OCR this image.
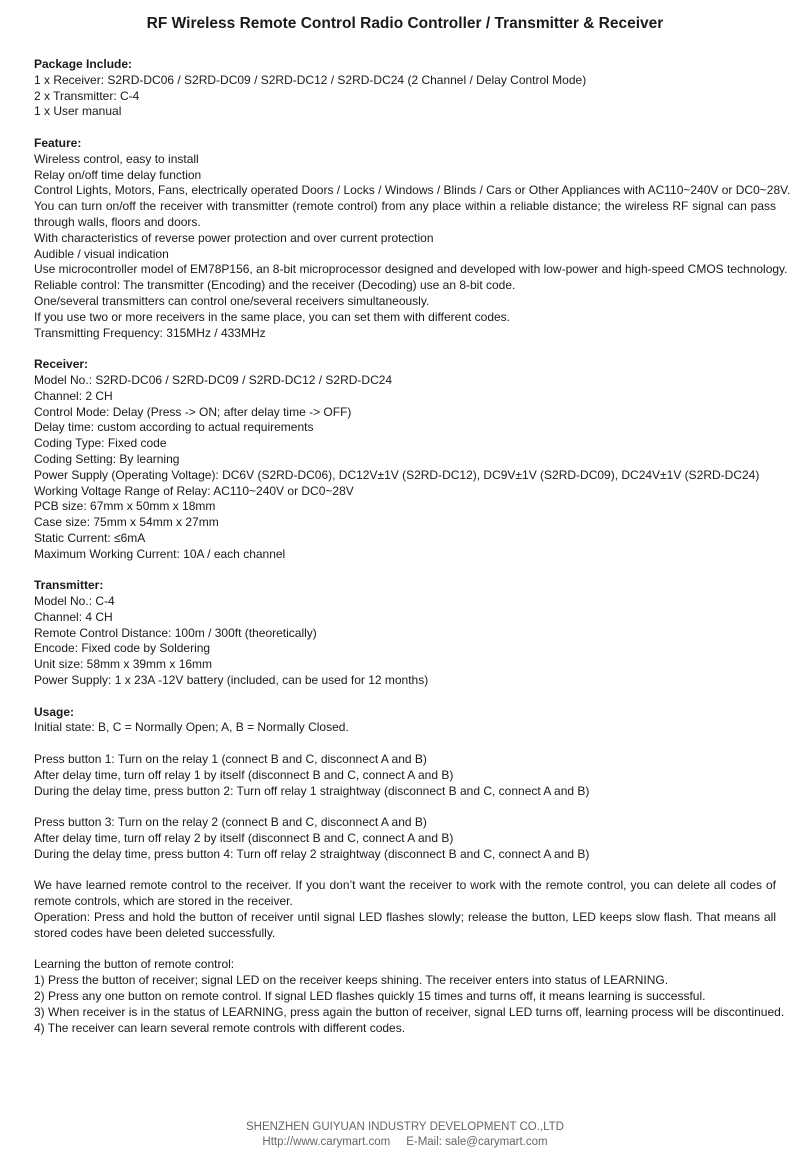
RF Wireless Remote Control Radio Controller / Transmitter & Receiver
Package Include:
1 x Receiver: S2RD-DC06 / S2RD-DC09 / S2RD-DC12 / S2RD-DC24 (2 Channel / Delay Control Mode)
2 x Transmitter: C-4
1 x User manual
Feature:
Wireless control, easy to install
Relay on/off time delay function
Control Lights, Motors, Fans, electrically operated Doors / Locks / Windows / Blinds / Cars or Other Appliances with AC110~240V or DC0~28V.
You can turn on/off the receiver with transmitter (remote control) from any place within a reliable distance; the wireless RF signal can pass through walls, floors and doors.
With characteristics of reverse power protection and over current protection
Audible / visual indication
Use microcontroller model of EM78P156, an 8-bit microprocessor designed and developed with low-power and high-speed CMOS technology.
Reliable control: The transmitter (Encoding) and the receiver (Decoding) use an 8-bit code.
One/several transmitters can control one/several receivers simultaneously.
If you use two or more receivers in the same place, you can set them with different codes.
Transmitting Frequency: 315MHz / 433MHz
Receiver:
Model No.: S2RD-DC06 / S2RD-DC09 / S2RD-DC12 / S2RD-DC24
Channel: 2 CH
Control Mode: Delay (Press -> ON; after delay time -> OFF)
Delay time: custom according to actual requirements
Coding Type: Fixed code
Coding Setting: By learning
Power Supply (Operating Voltage): DC6V (S2RD-DC06), DC12V±1V (S2RD-DC12), DC9V±1V (S2RD-DC09), DC24V±1V (S2RD-DC24)
Working Voltage Range of Relay: AC110~240V or DC0~28V
PCB size: 67mm x 50mm x 18mm
Case size: 75mm x 54mm x 27mm
Static Current: ≤6mA
Maximum Working Current: 10A / each channel
Transmitter:
Model No.: C-4
Channel: 4 CH
Remote Control Distance: 100m / 300ft (theoretically)
Encode: Fixed code by Soldering
Unit size: 58mm x 39mm x 16mm
Power Supply: 1 x 23A -12V battery (included, can be used for 12 months)
Usage:
Initial state: B, C = Normally Open; A, B = Normally Closed.
Press button 1: Turn on the relay 1 (connect B and C, disconnect A and B)
After delay time, turn off relay 1 by itself (disconnect B and C, connect A and B)
During the delay time, press button 2: Turn off relay 1 straightway (disconnect B and C, connect A and B)
Press button 3: Turn on the relay 2 (connect B and C, disconnect A and B)
After delay time, turn off relay 2 by itself (disconnect B and C, connect A and B)
During the delay time, press button 4: Turn off relay 2 straightway (disconnect B and C, connect A and B)
We have learned remote control to the receiver. If you don’t want the receiver to work with the remote control, you can delete all codes of remote controls, which are stored in the receiver.
Operation: Press and hold the button of receiver until signal LED flashes slowly; release the button, LED keeps slow flash. That means all stored codes have been deleted successfully.
Learning the button of remote control:
1) Press the button of receiver; signal LED on the receiver keeps shining. The receiver enters into status of LEARNING.
2) Press any one button on remote control. If signal LED flashes quickly 15 times and turns off, it means learning is successful.
3) When receiver is in the status of LEARNING, press again the button of receiver, signal LED turns off, learning process will be discontinued.
4) The receiver can learn several remote controls with different codes.
SHENZHEN GUIYUAN INDUSTRY DEVELOPMENT CO.,LTD
Http://www.carymart.com E-Mail: sale@carymart.com
